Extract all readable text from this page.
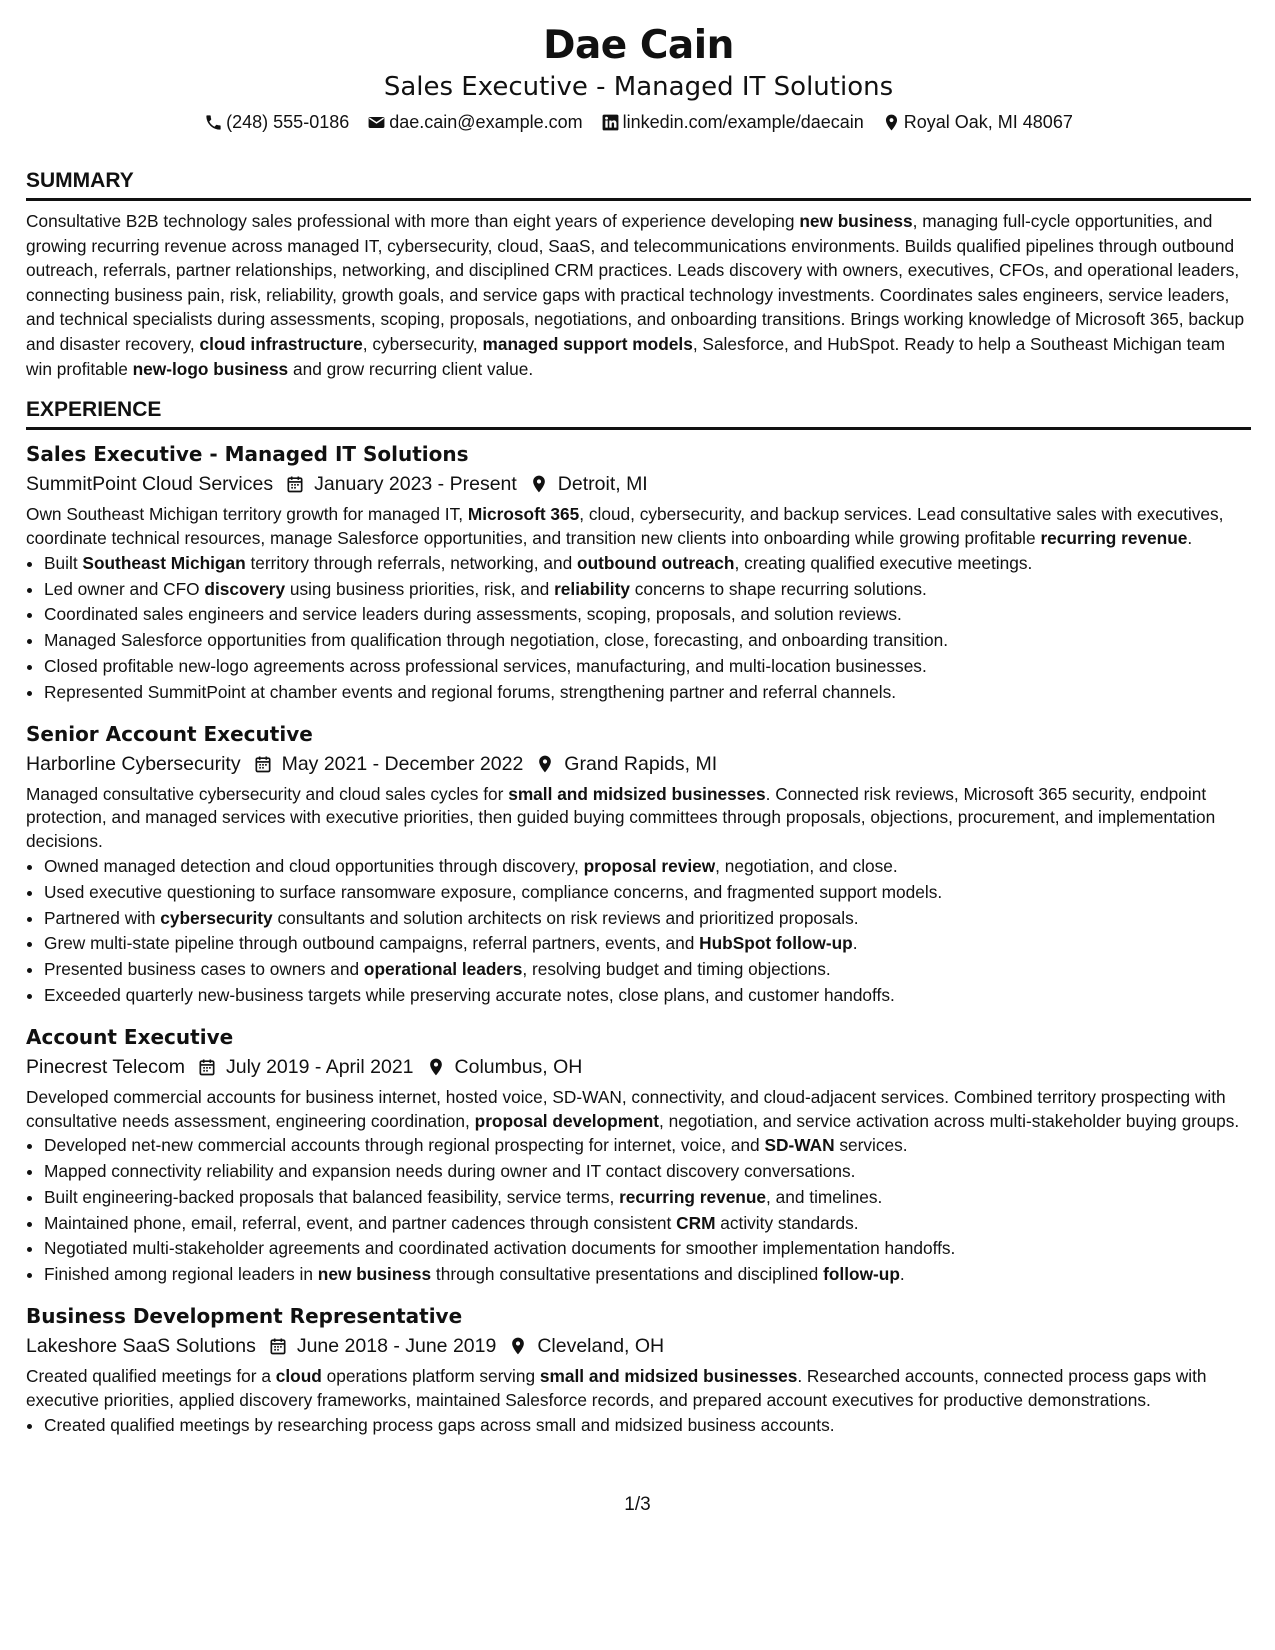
Dae Cain
Sales Executive - Managed IT Solutions
(248) 555-0186 dae.cain@example.com linkedin.com/example/daecain Royal Oak, MI 48067
SUMMARY
Consultative B2B technology sales professional with more than eight years of experience developing new business, managing full-cycle opportunities, and growing recurring revenue across managed IT, cybersecurity, cloud, SaaS, and telecommunications environments. Builds qualified pipelines through outbound outreach, referrals, partner relationships, networking, and disciplined CRM practices. Leads discovery with owners, executives, CFOs, and operational leaders, connecting business pain, risk, reliability, growth goals, and service gaps with practical technology investments. Coordinates sales engineers, service leaders, and technical specialists during assessments, scoping, proposals, negotiations, and onboarding transitions. Brings working knowledge of Microsoft 365, backup and disaster recovery, cloud infrastructure, cybersecurity, managed support models, Salesforce, and HubSpot. Ready to help a Southeast Michigan team win profitable new-logo business and grow recurring client value.
EXPERIENCE
Sales Executive - Managed IT Solutions
SummitPoint Cloud Services January 2023 - Present Detroit, MI
Own Southeast Michigan territory growth for managed IT, Microsoft 365, cloud, cybersecurity, and backup services. Lead consultative sales with executives, coordinate technical resources, manage Salesforce opportunities, and transition new clients into onboarding while growing profitable recurring revenue.
• Built Southeast Michigan territory through referrals, networking, and outbound outreach, creating qualified executive meetings.
• Led owner and CFO discovery using business priorities, risk, and reliability concerns to shape recurring solutions.
• Coordinated sales engineers and service leaders during assessments, scoping, proposals, and solution reviews.
• Managed Salesforce opportunities from qualification through negotiation, close, forecasting, and onboarding transition.
• Closed profitable new-logo agreements across professional services, manufacturing, and multi-location businesses.
• Represented SummitPoint at chamber events and regional forums, strengthening partner and referral channels.
Senior Account Executive
Harborline Cybersecurity May 2021 - December 2022 Grand Rapids, MI
Managed consultative cybersecurity and cloud sales cycles for small and midsized businesses. Connected risk reviews, Microsoft 365 security, endpoint protection, and managed services with executive priorities, then guided buying committees through proposals, objections, procurement, and implementation decisions.
• Owned managed detection and cloud opportunities through discovery, proposal review, negotiation, and close.
• Used executive questioning to surface ransomware exposure, compliance concerns, and fragmented support models.
• Partnered with cybersecurity consultants and solution architects on risk reviews and prioritized proposals.
• Grew multi-state pipeline through outbound campaigns, referral partners, events, and HubSpot follow-up.
• Presented business cases to owners and operational leaders, resolving budget and timing objections.
• Exceeded quarterly new-business targets while preserving accurate notes, close plans, and customer handoffs.
Account Executive
Pinecrest Telecom July 2019 - April 2021 Columbus, OH
Developed commercial accounts for business internet, hosted voice, SD-WAN, connectivity, and cloud-adjacent services. Combined territory prospecting with consultative needs assessment, engineering coordination, proposal development, negotiation, and service activation across multi-stakeholder buying groups.
• Developed net-new commercial accounts through regional prospecting for internet, voice, and SD-WAN services.
• Mapped connectivity reliability and expansion needs during owner and IT contact discovery conversations.
• Built engineering-backed proposals that balanced feasibility, service terms, recurring revenue, and timelines.
• Maintained phone, email, referral, event, and partner cadences through consistent CRM activity standards.
• Negotiated multi-stakeholder agreements and coordinated activation documents for smoother implementation handoffs.
• Finished among regional leaders in new business through consultative presentations and disciplined follow-up.
Business Development Representative
Lakeshore SaaS Solutions June 2018 - June 2019 Cleveland, OH
Created qualified meetings for a cloud operations platform serving small and midsized businesses. Researched accounts, connected process gaps with executive priorities, applied discovery frameworks, maintained Salesforce records, and prepared account executives for productive demonstrations.
• Created qualified meetings by researching process gaps across small and midsized business accounts.
1/3
